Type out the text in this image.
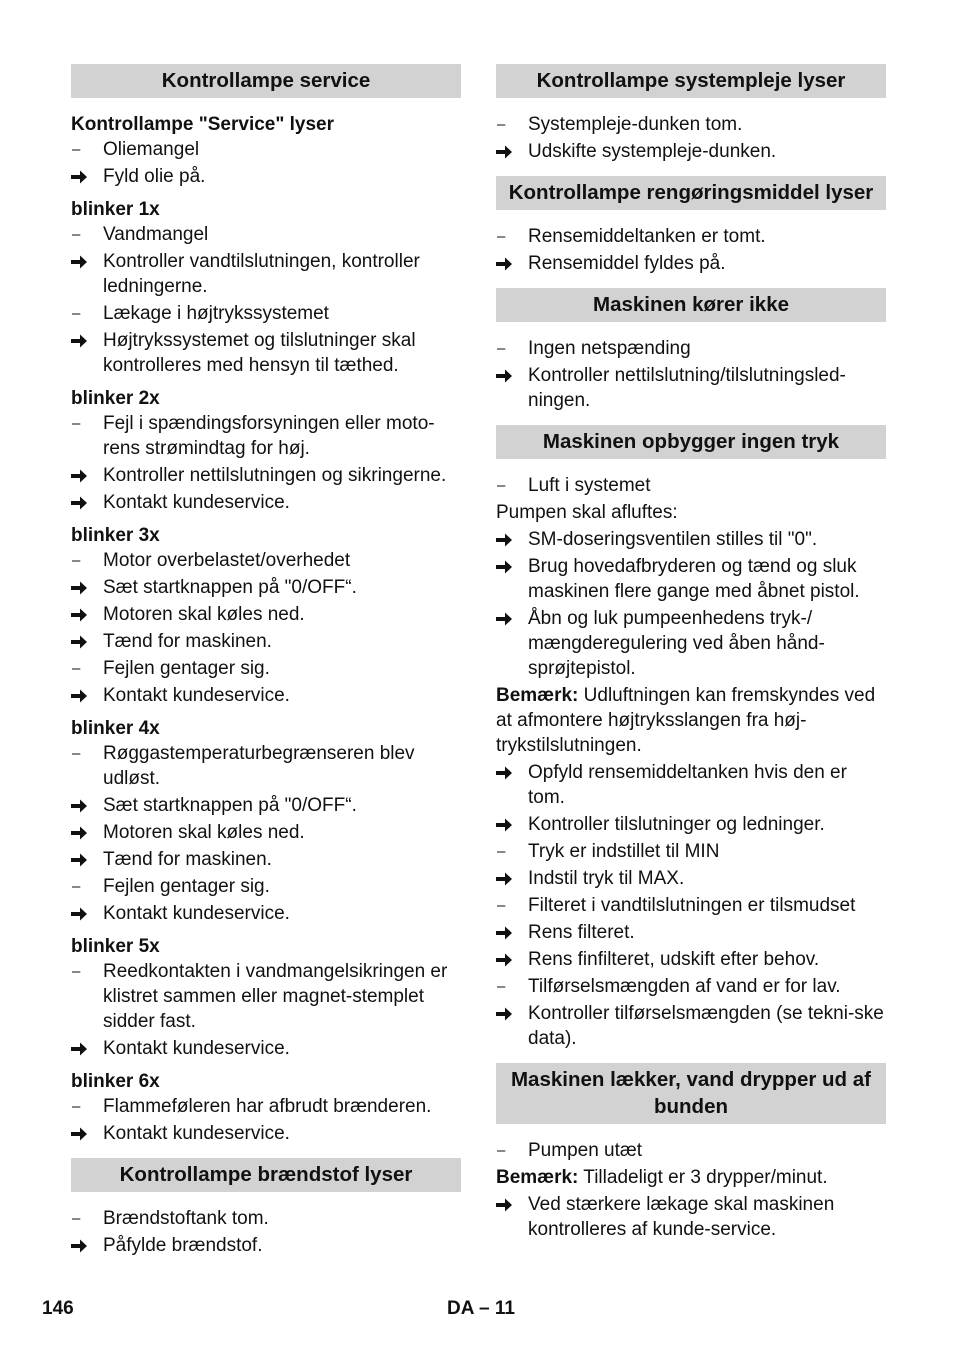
Kontrollampe service
Kontrollampe "Service" lyser
–	Oliemangel
Fyld olie på.
blinker 1x
–	Vandmangel
Kontroller vandtilslutningen, kontroller ledningerne.
–	Lækage i højtrykssystemet
Højtrykssystemet og tilslutninger skal kontrolleres med hensyn til tæthed.
blinker 2x
–	Fejl i spændingsforsyningen eller moto-rens strømindtag for høj.
Kontroller nettilslutningen og sikringerne.
Kontakt kundeservice.
blinker 3x
–	Motor overbelastet/overhedet
Sæt startknappen på "0/OFF“.
Motoren skal køles ned.
Tænd for maskinen.
–	Fejlen gentager sig.
Kontakt kundeservice.
blinker 4x
–	Røggastemperaturbegrænseren blev udløst.
Sæt startknappen på "0/OFF“.
Motoren skal køles ned.
Tænd for maskinen.
–	Fejlen gentager sig.
Kontakt kundeservice.
blinker 5x
–	Reedkontakten i vandmangelsikringen er klistret sammen eller magnet-stemplet sidder fast.
Kontakt kundeservice.
blinker 6x
–	Flammeføleren har afbrudt brænderen.
Kontakt kundeservice.
Kontrollampe brændstof lyser
–	Brændstoftank tom.
Påfylde brændstof.
Kontrollampe systempleje lyser
–	Systempleje-dunken tom.
Udskifte systempleje-dunken.
Kontrollampe rengøringsmiddel lyser
–	Rensemiddeltanken er tomt.
Rensemiddel fyldes på.
Maskinen kører ikke
–	Ingen netspænding
Kontroller nettilslutning/tilslutningsled-ningen.
Maskinen opbygger ingen tryk
–	Luft i systemet
Pumpen skal afluftes:
SM-doseringsventilen stilles til "0".
Brug hovedafbryderen og tænd og sluk maskinen flere gange med åbnet pistol.
Åbn og luk pumpeenhedens tryk-/ mængderegulering ved åben hånd-sprøjtepistol.
Bemærk: Udluftningen kan fremskyndes ved at afmontere højtryksslangen fra høj-trykstilslutningen.
Opfyld rensemiddeltanken hvis den er tom.
Kontroller tilslutninger og ledninger.
–	Tryk er indstillet til MIN
Indstil tryk til MAX.
–	Filteret i vandtilslutningen er tilsmudset
Rens filteret.
Rens finfilteret, udskift efter behov.
–	Tilførselsmængden af vand er for lav.
Kontroller tilførselsmængden (se tekni-ske data).
Maskinen lækker, vand drypper ud af bunden
–	Pumpen utæt
Bemærk: Tilladeligt er 3 drypper/minut.
Ved stærkere lækage skal maskinen kontrolleres af kunde-service.
146	DA – 11
